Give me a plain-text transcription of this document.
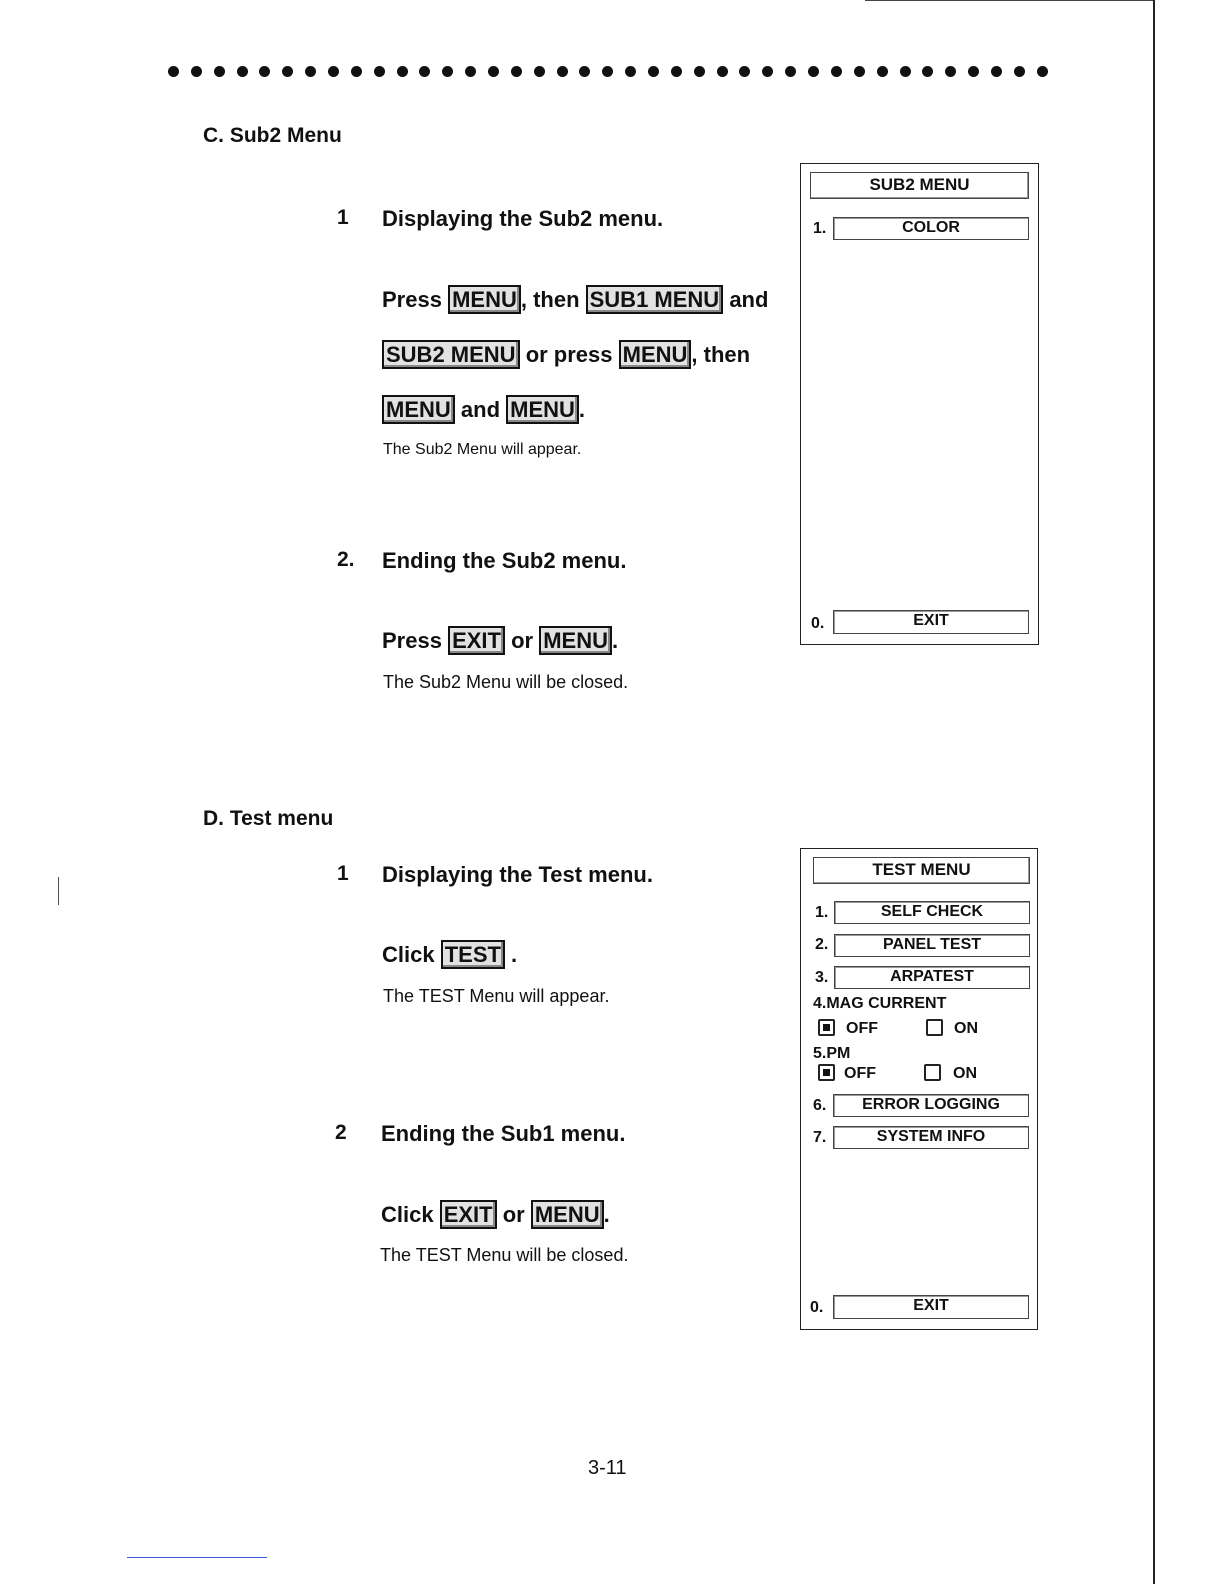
C. Sub2 Menu
1 Displaying the Sub2 menu.
Press MENU , then SUB1 MENU and
SUB2 MENU or press MENU , then
MENU and MENU .
The Sub2 Menu will appear.
2. Ending the Sub2 menu.
Press EXIT or MENU .
The Sub2 Menu will be closed.
SUB2 MENU
1.	COLOR
0.	EXIT
D. Test menu
1 Displaying the Test menu.
Click TEST .
The TEST Menu will appear.
2 Ending the Sub1 menu.
Click EXIT or MENU .
The TEST Menu will be closed.
TEST MENU
1.	SELF CHECK
2.	PANEL TEST
3.	ARPATEST
4.MAG CURRENT
OFF	ON
5.PM
OFF	ON
6.	ERROR LOGGING
7.	SYSTEM INFO
0.	EXIT
3-11
